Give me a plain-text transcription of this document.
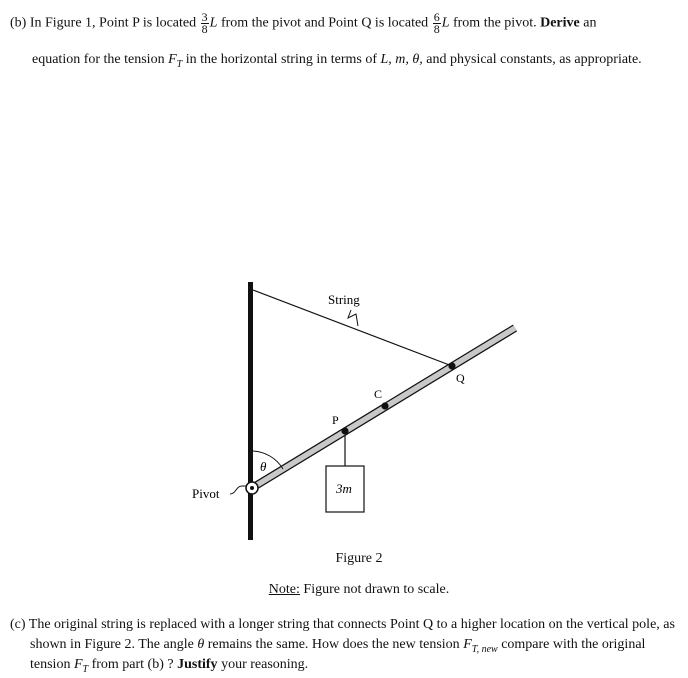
(b) In Figure 1, Point P is located $\frac{3}{8}$ L from the pivot and Point Q is located $\frac{6}{8}$ L from the pivot. Derive an
equation for the tension $F_T$ in the horizontal string in terms of L, m, θ, and physical constants, as appropriate.
Pivot
θ
P
C
Q
3m
String
Figure 2
Note: Figure not drawn to scale.
(c) The original string is replaced with a longer string that connects Point Q to a higher location on the vertical pole, as shown in Figure 2. The angle θ remains the same. How does the new tension $F_{T, new}$ compare with the original tension $F_T$ from part (b) ? Justify your reasoning.
